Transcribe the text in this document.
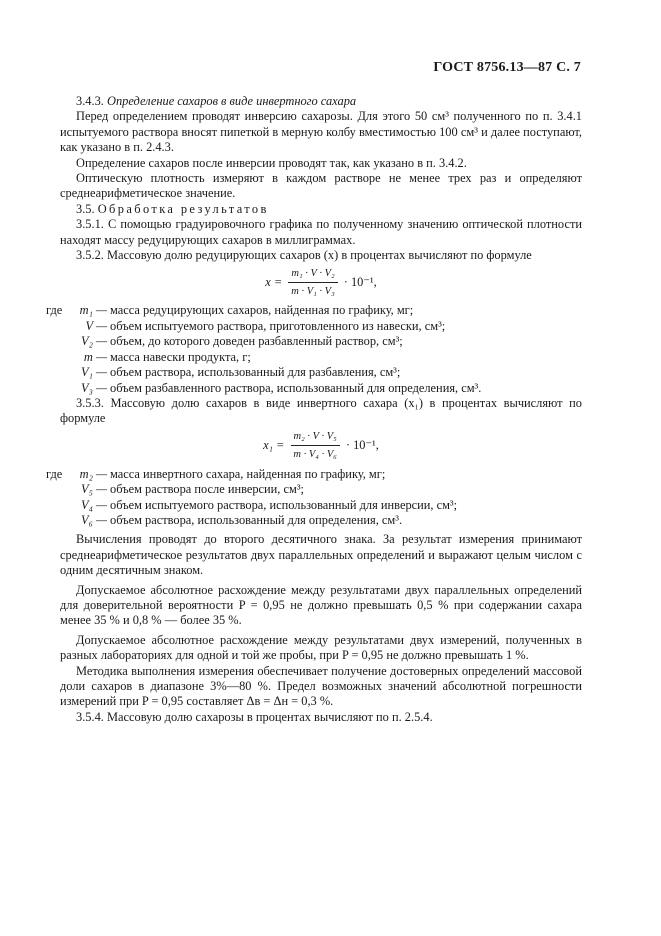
ГОСТ 8756.13—87 С. 7

3.4.3. Определение сахаров в виде инвертного сахара

Перед определением проводят инверсию сахарозы. Для этого 50 см³ полученного по п. 3.4.1 испытуемого раствора вносят пипеткой в мерную колбу вместимостью 100 см³ и далее поступают, как указано в п. 2.4.3.

Определение сахаров после инверсии проводят так, как указано в п. 3.4.2.

Оптическую плотность измеряют в каждом растворе не менее трех раз и определяют среднеарифметическое значение.

3.5. Обработка результатов

3.5.1. С помощью градуировочного графика по полученному значению оптической плотности находят массу редуцирующих сахаров в миллиграммах.

3.5.2. Массовую долю редуцирующих сахаров (x) в процентах вычисляют по формуле

$x = \frac{\text{m₁ · V · V₂}}{\text{m · V₁ · V₃}} \cdot 10^{-1}$,
где	m₁ — масса редуцирующих сахаров, найденная по графику, мг;
V — объем испытуемого раствора, приготовленного из навески, см³;
V₂ — объем, до которого доведен разбавленный раствор, см³;
m — масса навески продукта, г;
V₁ — объем раствора, использованный для разбавления, см³;
V₃ — объем разбавленного раствора, использованный для определения, см³.

3.5.3. Массовую долю сахаров в виде инвертного сахара (x₁) в процентах вычисляют по формуле

$x_1 = \frac{\text{m₂ · V · V₅}}{\text{m · V₄ · V₆}} \cdot 10^{-1}$,
где	m₂ — масса инвертного сахара, найденная по графику, мг;
V₅ — объем раствора после инверсии, см³;
V₄ — объем испытуемого раствора, использованный для инверсии, см³;
V₆ — объем раствора, использованный для определения, см³.

Вычисления проводят до второго десятичного знака. За результат измерения принимают среднеарифметическое результатов двух параллельных определений и выражают целым числом с одним десятичным знаком.

Допускаемое абсолютное расхождение между результатами двух параллельных определений для доверительной вероятности P = 0,95 не должно превышать 0,5 % при содержании сахара менее 35 % и 0,8 % — более 35 %.

Допускаемое абсолютное расхождение между результатами двух измерений, полученных в разных лабораториях для одной и той же пробы, при P = 0,95 не должно превышать 1 %.

Методика выполнения измерения обеспечивает получение достоверных определений массовой доли сахаров в диапазоне 3%—80 %. Предел возможных значений абсолютной погрешности измерений при P = 0,95 составляет Δв = Δн = 0,3 %.

3.5.4. Массовую долю сахарозы в процентах вычисляют по п. 2.5.4.
